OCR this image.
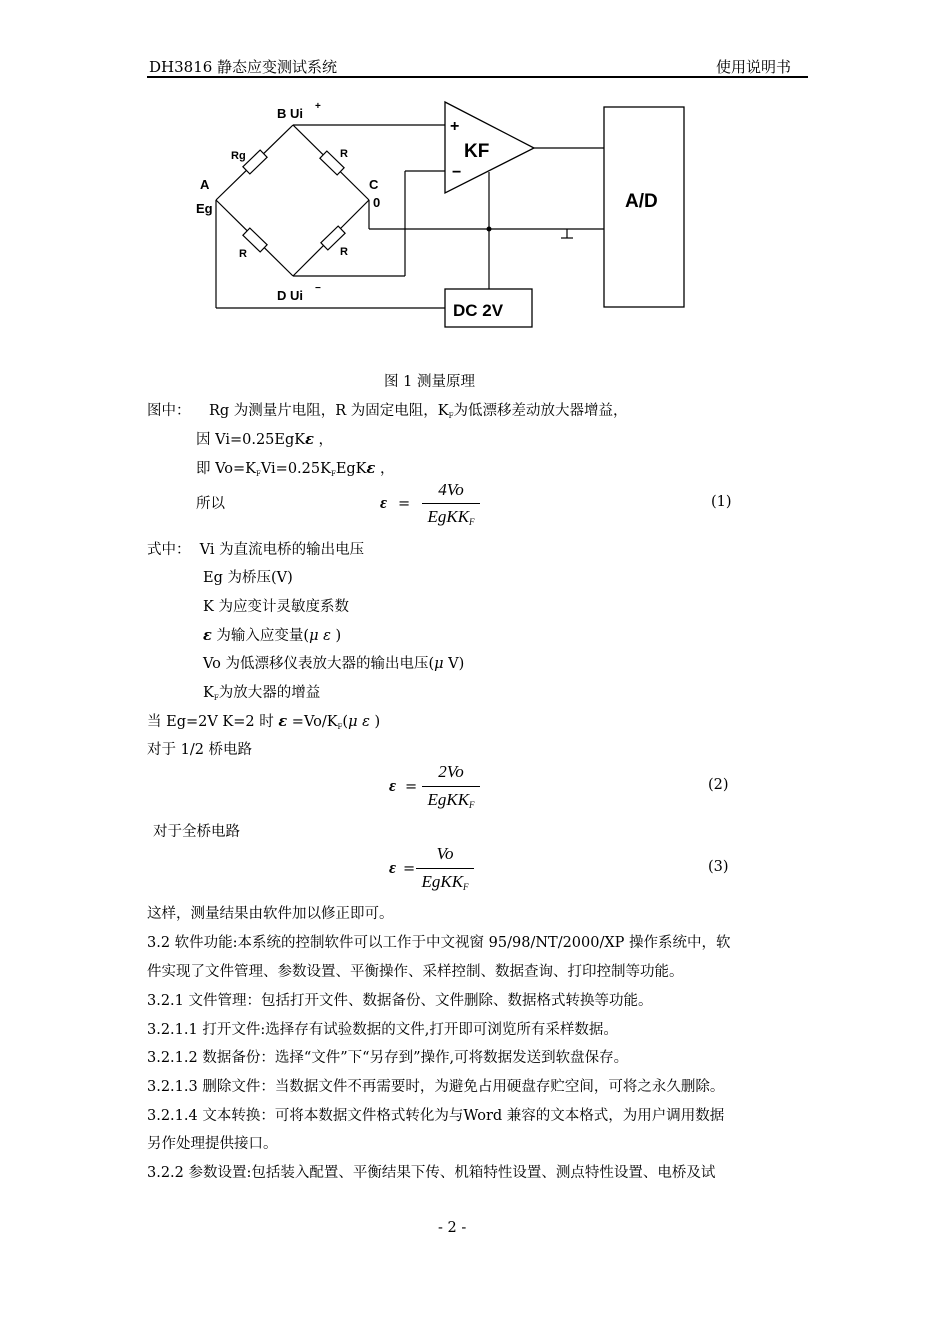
DH3816 静态应变测试系统	使用说明书
B Ui +
D Ui −
A
Eg
C
0
Rg	R
R	R
+
−
KF
A/D
DC 2V
图 1 测量原理
图中： Rg 为测量片电阻，R 为固定电阻，$K_F$为低漂移差动放大器增益，
因 Vi=0.25EgKε ，
即 $Vo=K_FVi=0.25K_FEgK\varepsilon$ ，
所以	ε =
4Vo
EgKK$_F$
(1)
式中： Vi 为直流电桥的输出电压
Eg 为桥压(V)
K 为应变计灵敏度系数
ε 为输入应变量(μ ε )
Vo 为低漂移仪表放大器的输出电压(μ V)
$K_F$为放大器的增益
当 Eg=2V K=2 时 $\varepsilon =Vo/K_F(\mu$ ε )
对于 1/2 桥电路
ε =
2Vo
EgKK$_F$
(2)
对于全桥电路
ε =
Vo
EgKK$_F$
(3)
这样，测量结果由软件加以修正即可。
3.2 软件功能:本系统的控制软件可以工作于中文视窗 95/98/NT/2000/XP 操作系统中，软
件实现了文件管理、参数设置、平衡操作、采样控制、数据查询、打印控制等功能。
3.2.1 文件管理：包括打开文件、数据备份、文件删除、数据格式转换等功能。
3.2.1.1 打开文件:选择存有试验数据的文件,打开即可浏览所有采样数据。
3.2.1.2 数据备份：选择“文件”下“另存到”操作,可将数据发送到软盘保存。
3.2.1.3 删除文件：当数据文件不再需要时，为避免占用硬盘存贮空间，可将之永久删除。
3.2.1.4 文本转换：可将本数据文件格式转化为与Word 兼容的文本格式，为用户调用数据
另作处理提供接口。
3.2.2 参数设置:包括装入配置、平衡结果下传、机箱特性设置、测点特性设置、电桥及试
- 2 -
